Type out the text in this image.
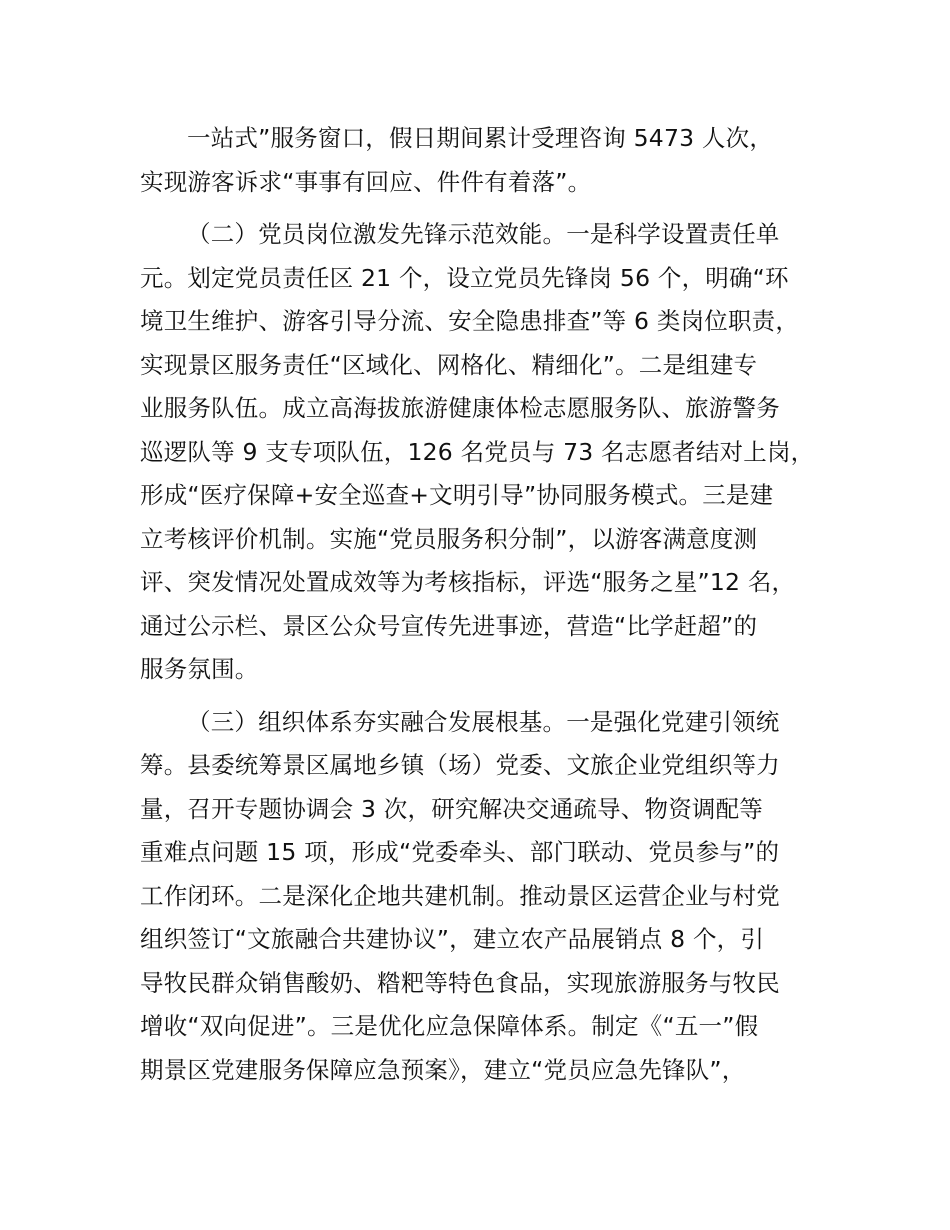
一站式”服务窗口，假日期间累计受理咨询 5473 人次，
实现游客诉求“事事有回应、件件有着落”。
（二）党员岗位激发先锋示范效能。一是科学设置责任单
元。划定党员责任区 21 个，设立党员先锋岗 56 个，明确“环
境卫生维护、游客引导分流、安全隐患排查”等 6 类岗位职责，
实现景区服务责任“区域化、网格化、精细化”。二是组建专
业服务队伍。成立高海拔旅游健康体检志愿服务队、旅游警务
巡逻队等 9 支专项队伍，126 名党员与 73 名志愿者结对上岗，
形成“医疗保障+安全巡查+文明引导”协同服务模式。三是建
立考核评价机制。实施“党员服务积分制”，以游客满意度测
评、突发情况处置成效等为考核指标，评选“服务之星”12 名，
通过公示栏、景区公众号宣传先进事迹，营造“比学赶超”的
服务氛围。
（三）组织体系夯实融合发展根基。一是强化党建引领统
筹。县委统筹景区属地乡镇（场）党委、文旅企业党组织等力
量，召开专题协调会 3 次，研究解决交通疏导、物资调配等
重难点问题 15 项，形成“党委牵头、部门联动、党员参与”的
工作闭环。二是深化企地共建机制。推动景区运营企业与村党
组织签订“文旅融合共建协议”，建立农产品展销点 8 个，引
导牧民群众销售酸奶、糌粑等特色食品，实现旅游服务与牧民
增收“双向促进”。三是优化应急保障体系。制定《“五一”假
期景区党建服务保障应急预案》，建立“党员应急先锋队”，
